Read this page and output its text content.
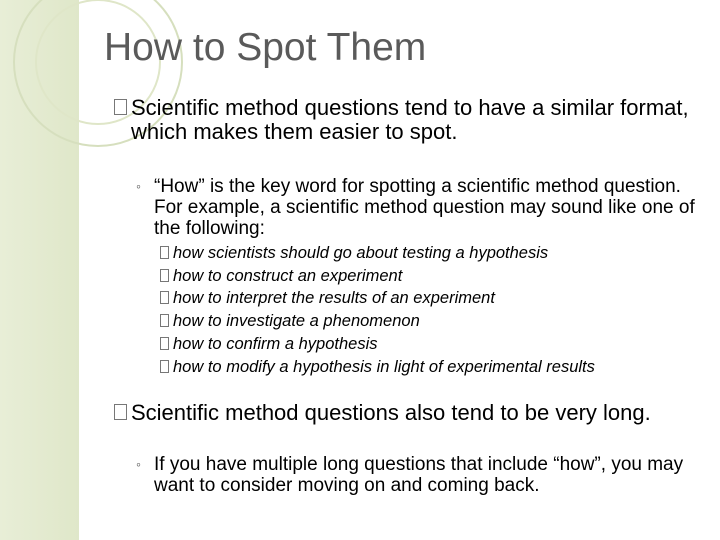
How to Spot Them
Scientific method questions tend to have a similar format, which makes them easier to spot.
◦ “How” is the key word for spotting a scientific method question. For example, a scientific method question may sound like one of the following:
how scientists should go about testing a hypothesis
how to construct an experiment
how to interpret the results of an experiment
how to investigate a phenomenon
how to confirm a hypothesis
how to modify a hypothesis in light of experimental results
Scientific method questions also tend to be very long.
◦ If you have multiple long questions that include “how”, you may want to consider moving on and coming back.
